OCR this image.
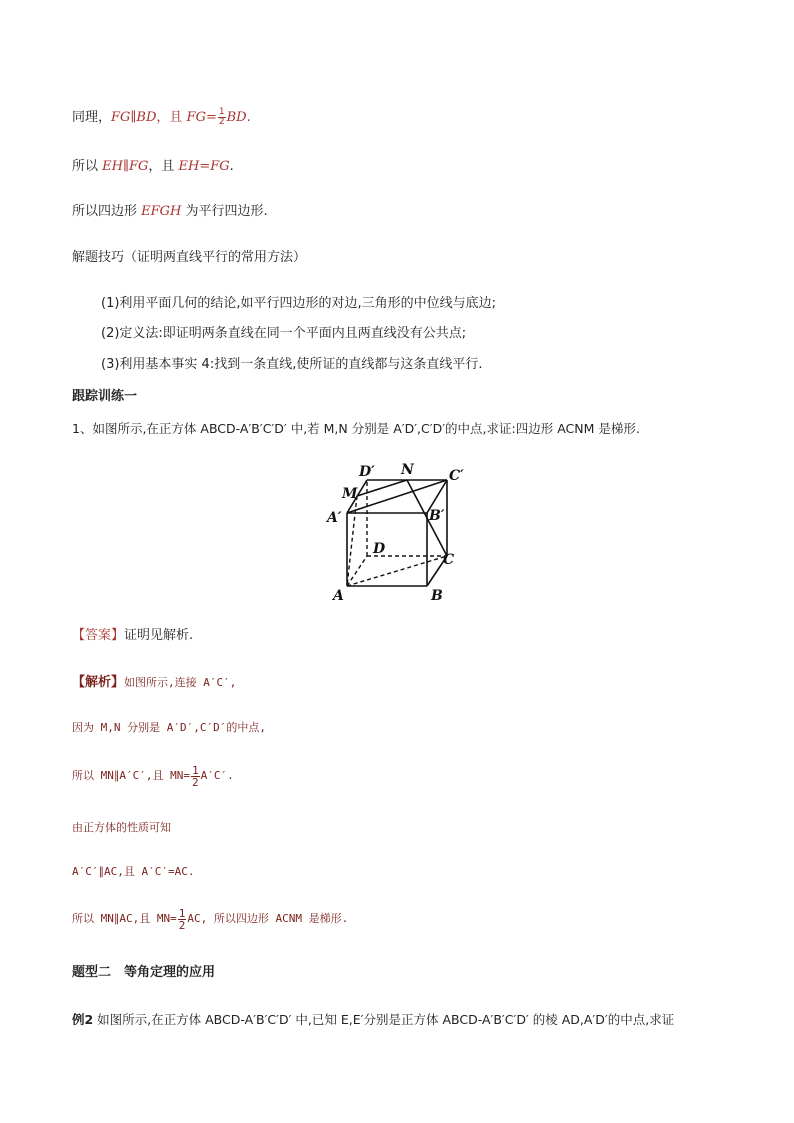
同理，FG∥BD，且 $FG= \frac{1}{2}$ BD.
所以 EH∥FG，且 EH=FG.
所以四边形 EFGH 为平行四边形.
解题技巧（证明两直线平行的常用方法）
(1)利用平面几何的结论,如平行四边形的对边,三角形的中位线与底边;
(2)定义法:即证明两条直线在同一个平面内且两直线没有公共点;
(3)利用基本事实 4:找到一条直线,使所证的直线都与这条直线平行.
跟踪训练一
1、如图所示,在正方体 ABCD-A′B′C′D′ 中,若 M,N 分别是 A′D′,C′D′的中点,求证:四边形 ACNM 是梯形.
D′ N	C′
M
A′	B′
D
C
A	B
【答案】证明见解析.
【解析】如图所示,连接 A′C′,
因为 M,N 分别是 A′D′,C′D′的中点,
所以 MN∥A′C′,且 $MN= \frac{1}{2} A'C'$.
由正方体的性质可知
A′C′∥AC,且 A′C′=AC.
所以 MN∥AC,且 $MN= \frac{1}{2}$ AC, 所以四边形 ACNM 是梯形.
题型二　等角定理的应用
例2 如图所示,在正方体 ABCD-A′B′C′D′ 中,已知 E,E′分别是正方体 ABCD-A′B′C′D′ 的棱 AD,A′D′的中点,求证
